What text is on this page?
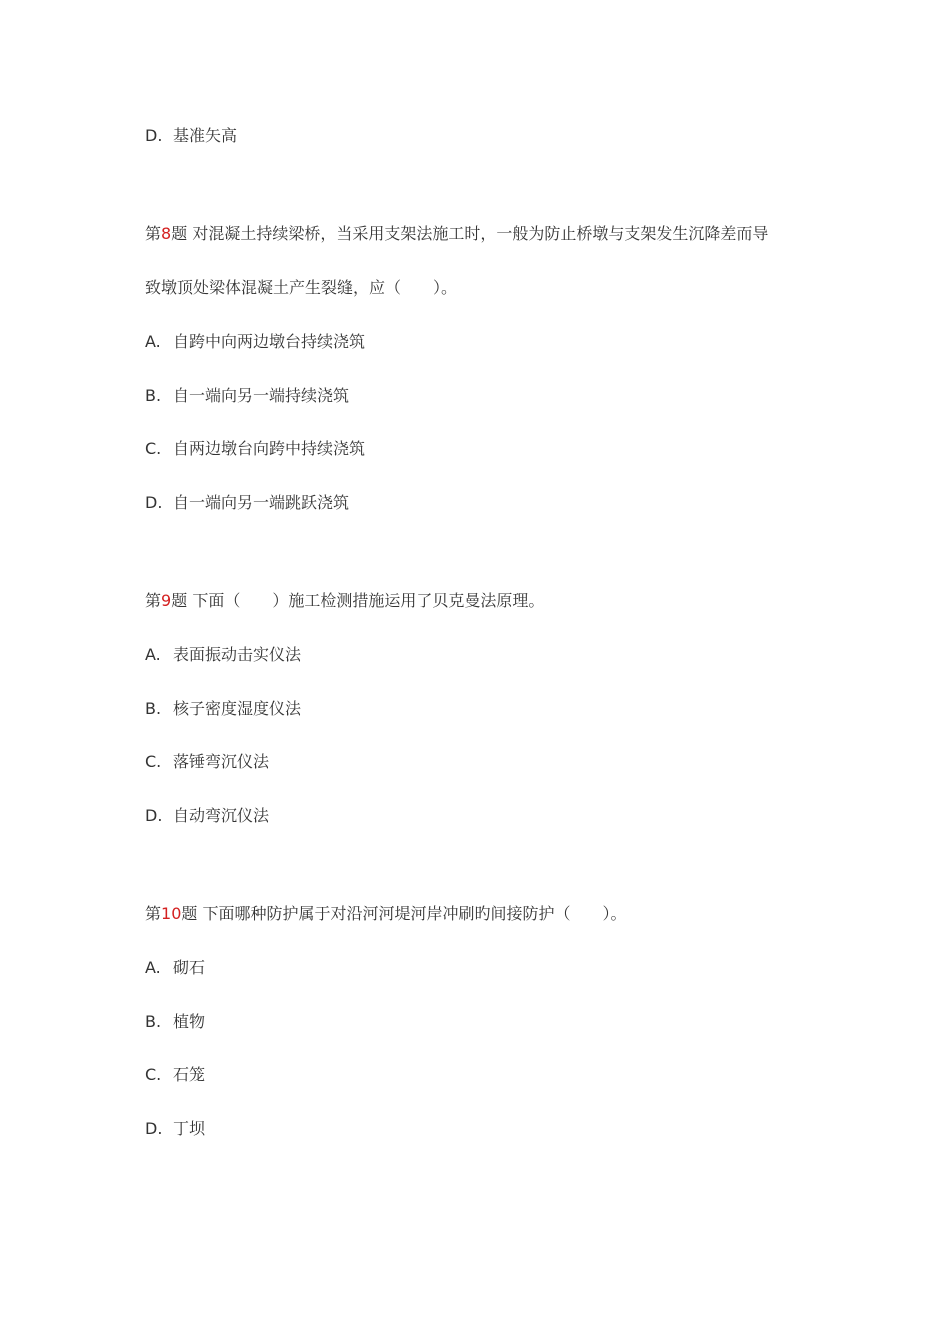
D. 基准矢高
第8题 对混凝土持续梁桥，当采用支架法施工时，一般为防止桥墩与支架发生沉降差而导
致墩顶处梁体混凝土产生裂缝，应（　　）。
A. 自跨中向两边墩台持续浇筑
B. 自一端向另一端持续浇筑
C. 自两边墩台向跨中持续浇筑
D. 自一端向另一端跳跃浇筑
第9题 下面（　　）施工检测措施运用了贝克曼法原理。
A. 表面振动击实仪法
B. 核子密度湿度仪法
C. 落锤弯沉仪法
D. 自动弯沉仪法
第10题 下面哪种防护属于对沿河河堤河岸冲刷旳间接防护（　　）。
A. 砌石
B. 植物
C. 石笼
D. 丁坝
